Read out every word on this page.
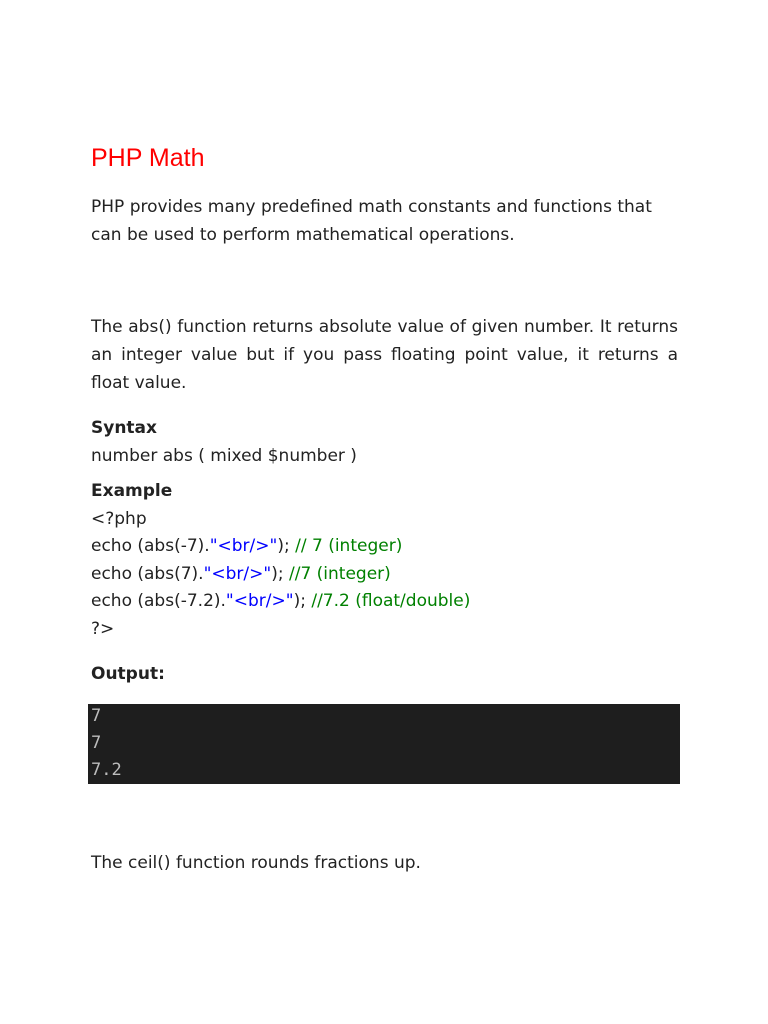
PHP Math

PHP provides many predefined math constants and functions that can be used to perform mathematical operations.

The abs() function returns absolute value of given number. It returns an integer value but if you pass floating point value, it returns a float value.

Syntax
number abs ( mixed $number )
Example
<?php
echo (abs(-7)."<br/>"); // 7 (integer)
echo (abs(7)."<br/>"); //7 (integer)
echo (abs(-7.2)."<br/>"); //7.2 (float/double)
?>
Output:
7
7
7.2

The ceil() function rounds fractions up.
